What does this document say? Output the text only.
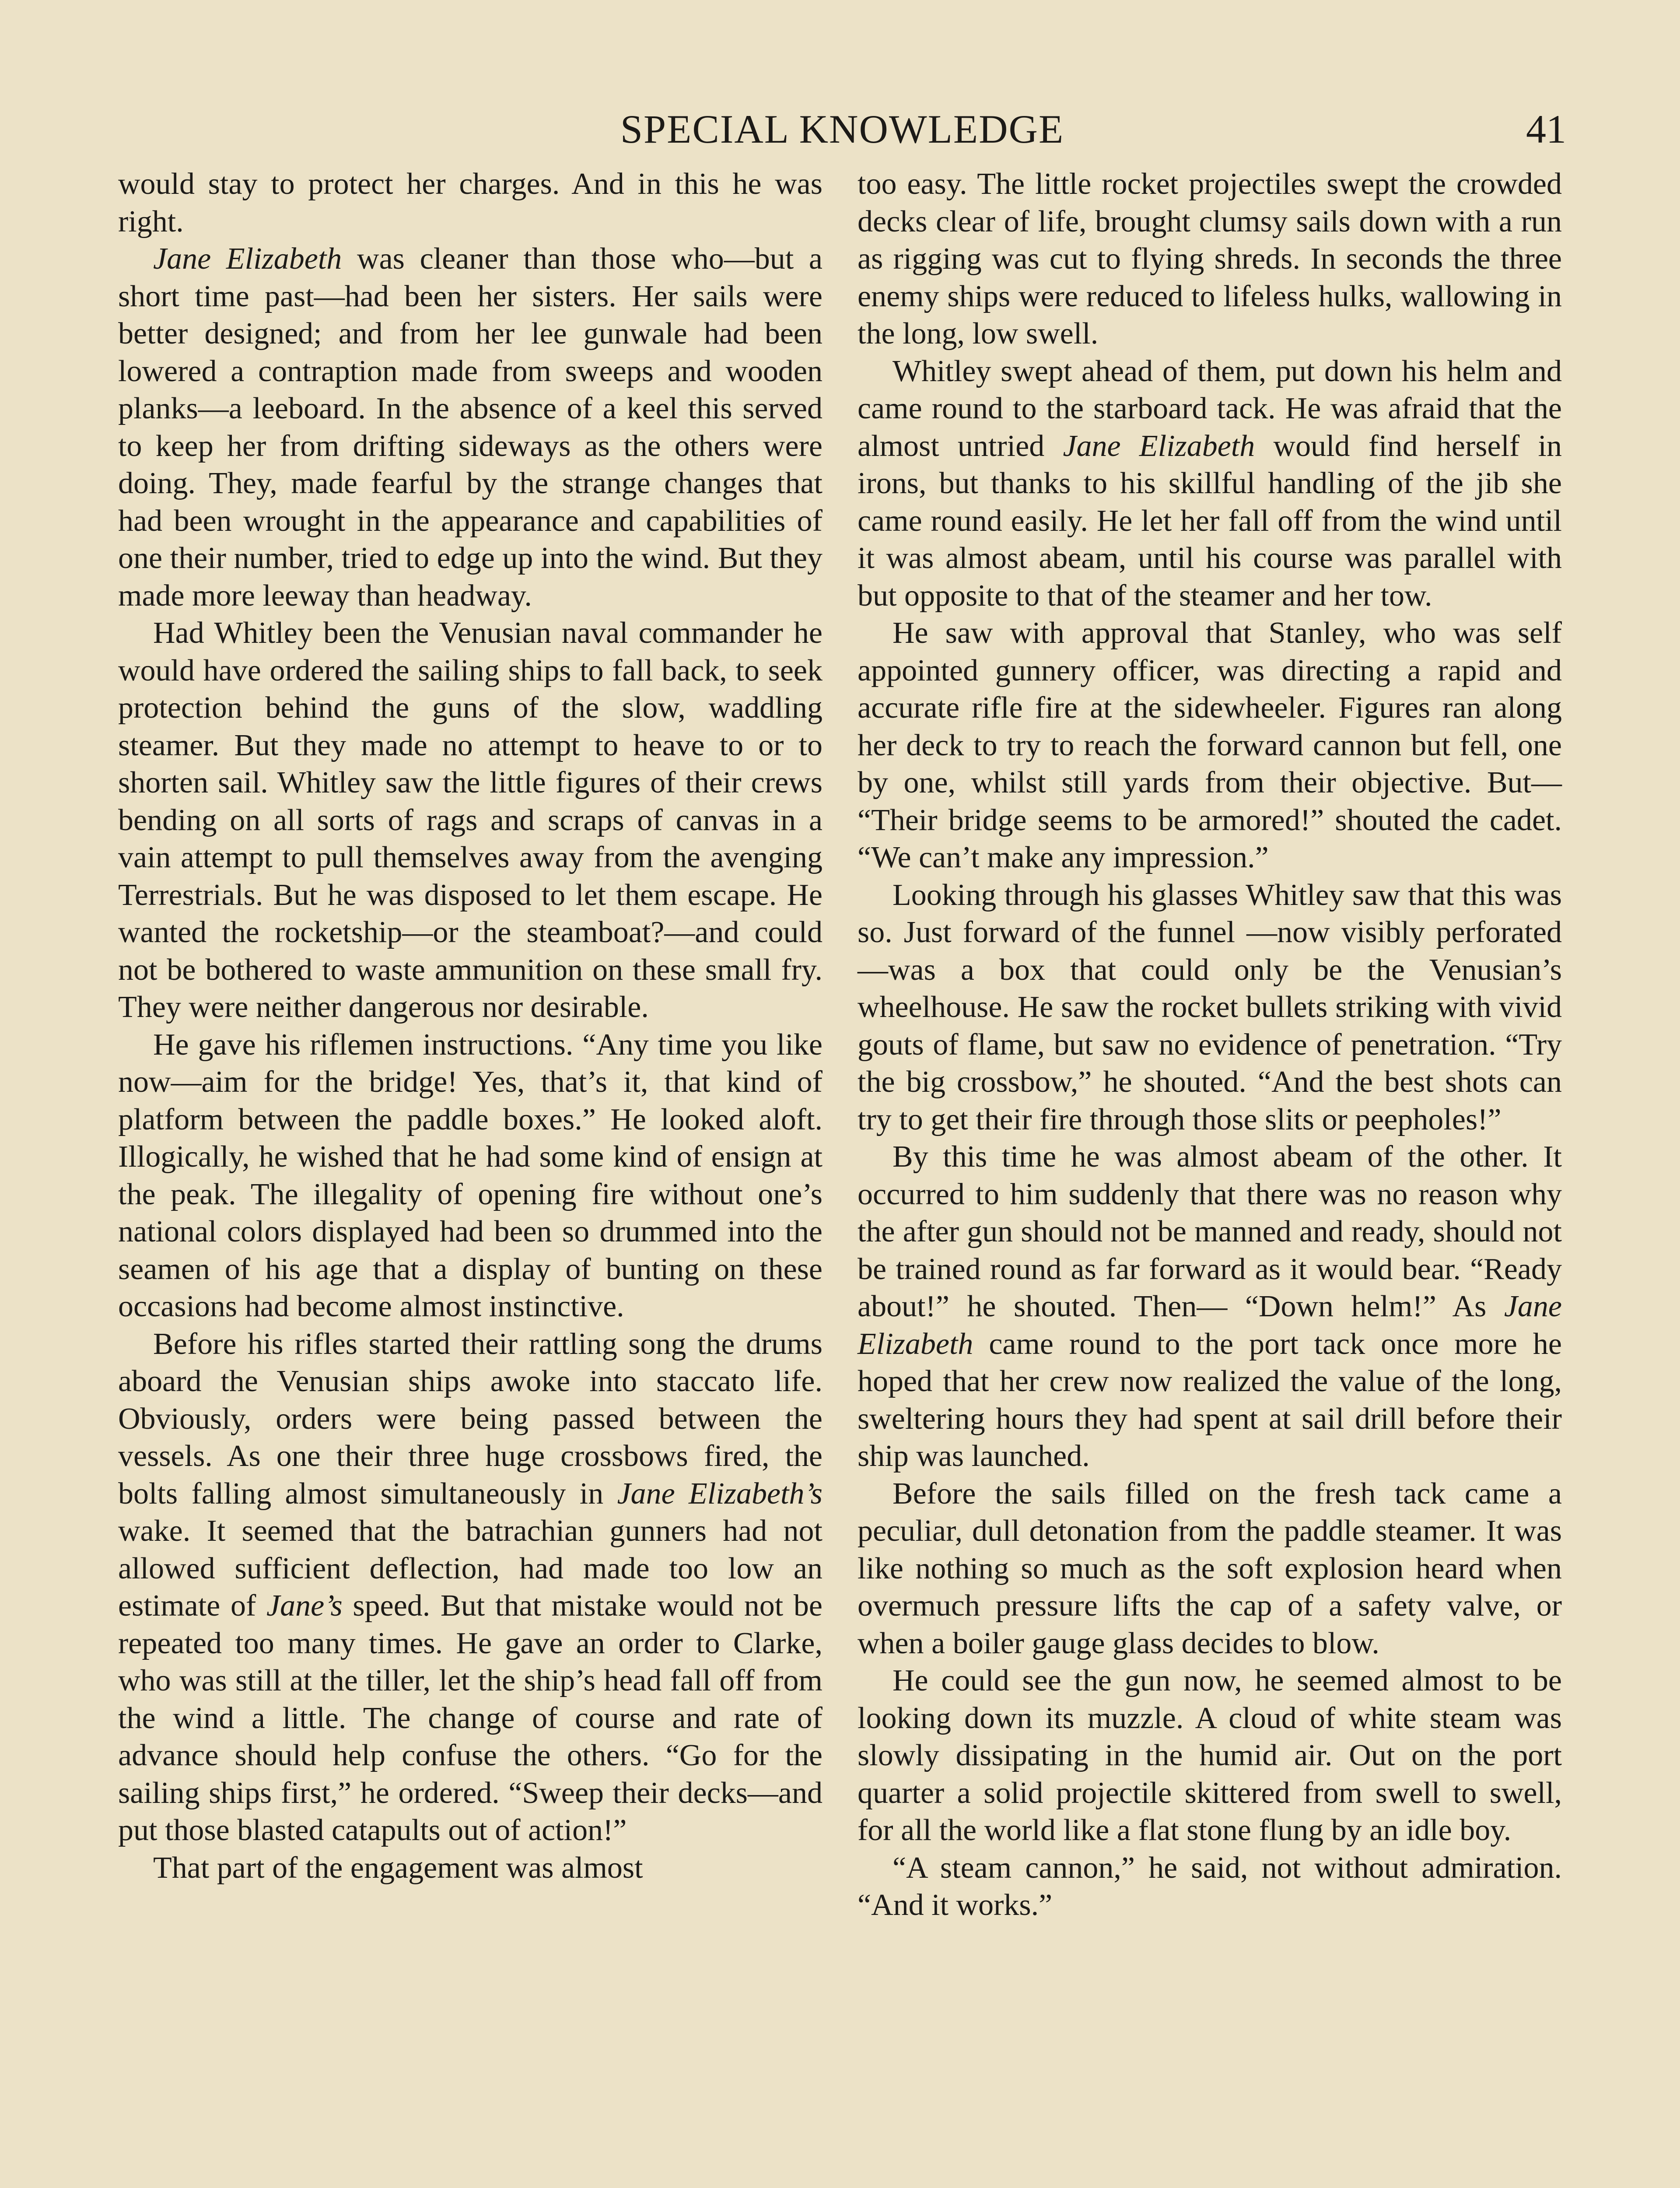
SPECIAL KNOWLEDGE	41

would stay to protect her charges. And in this he was right.

Jane Elizabeth was cleaner than those who—but a short time past—had been her sisters. Her sails were better designed; and from her lee gunwale had been lowered a contraption made from sweeps and wooden planks—a leeboard. In the absence of a keel this served to keep her from drifting sideways as the others were doing. They, made fearful by the strange changes that had been wrought in the appearance and capabilities of one their number, tried to edge up into the wind. But they made more leeway than headway.

Had Whitley been the Venusian naval commander he would have ordered the sailing ships to fall back, to seek protection behind the guns of the slow, waddling steamer. But they made no attempt to heave to or to shorten sail. Whitley saw the little figures of their crews bending on all sorts of rags and scraps of canvas in a vain attempt to pull themselves away from the avenging Terrestrials. But he was disposed to let them escape. He wanted the rocketship—or the steamboat?—and could not be bothered to waste ammunition on these small fry. They were neither dangerous nor desirable.

He gave his riflemen instructions. “Any time you like now—aim for the bridge! Yes, that’s it, that kind of platform between the paddle boxes.” He looked aloft. Illogically, he wished that he had some kind of ensign at the peak. The illegality of opening fire without one’s national colors displayed had been so drummed into the seamen of his age that a display of bunting on these occasions had become almost instinctive.

Before his rifles started their rattling song the drums aboard the Venusian ships awoke into staccato life. Obviously, orders were being passed between the vessels. As one their three huge crossbows fired, the bolts falling almost simultaneously in Jane Elizabeth’s wake. It seemed that the batrachian gunners had not allowed sufficient deflection, had made too low an estimate of Jane’s speed. But that mistake would not be repeated too many times. He gave an order to Clarke, who was still at the tiller, let the ship’s head fall off from the wind a little. The change of course and rate of advance should help confuse the others. “Go for the sailing ships first,” he ordered. “Sweep their decks—and put those blasted catapults out of action!”

That part of the engagement was almost

too easy. The little rocket projectiles swept the crowded decks clear of life, brought clumsy sails down with a run as rigging was cut to flying shreds. In seconds the three enemy ships were reduced to lifeless hulks, wallowing in the long, low swell.

Whitley swept ahead of them, put down his helm and came round to the starboard tack. He was afraid that the almost untried Jane Elizabeth would find herself in irons, but thanks to his skillful handling of the jib she came round easily. He let her fall off from the wind until it was almost abeam, until his course was parallel with but opposite to that of the steamer and her tow.

He saw with approval that Stanley, who was self appointed gunnery officer, was directing a rapid and accurate rifle fire at the sidewheeler. Figures ran along her deck to try to reach the forward cannon but fell, one by one, whilst still yards from their objective. But— “Their bridge seems to be armored!” shouted the cadet. “We can’t make any impression.”

Looking through his glasses Whitley saw that this was so. Just forward of the funnel —now visibly perforated—was a box that could only be the Venusian’s wheelhouse. He saw the rocket bullets striking with vivid gouts of flame, but saw no evidence of penetration. “Try the big crossbow,” he shouted. “And the best shots can try to get their fire through those slits or peepholes!”

By this time he was almost abeam of the other. It occurred to him suddenly that there was no reason why the after gun should not be manned and ready, should not be trained round as far forward as it would bear. “Ready about!” he shouted. Then— “Down helm!” As Jane Elizabeth came round to the port tack once more he hoped that her crew now realized the value of the long, sweltering hours they had spent at sail drill before their ship was launched.

Before the sails filled on the fresh tack came a peculiar, dull detonation from the paddle steamer. It was like nothing so much as the soft explosion heard when overmuch pressure lifts the cap of a safety valve, or when a boiler gauge glass decides to blow.

He could see the gun now, he seemed almost to be looking down its muzzle. A cloud of white steam was slowly dissipating in the humid air. Out on the port quarter a solid projectile skittered from swell to swell, for all the world like a flat stone flung by an idle boy.

“A steam cannon,” he said, not without admiration. “And it works.”
